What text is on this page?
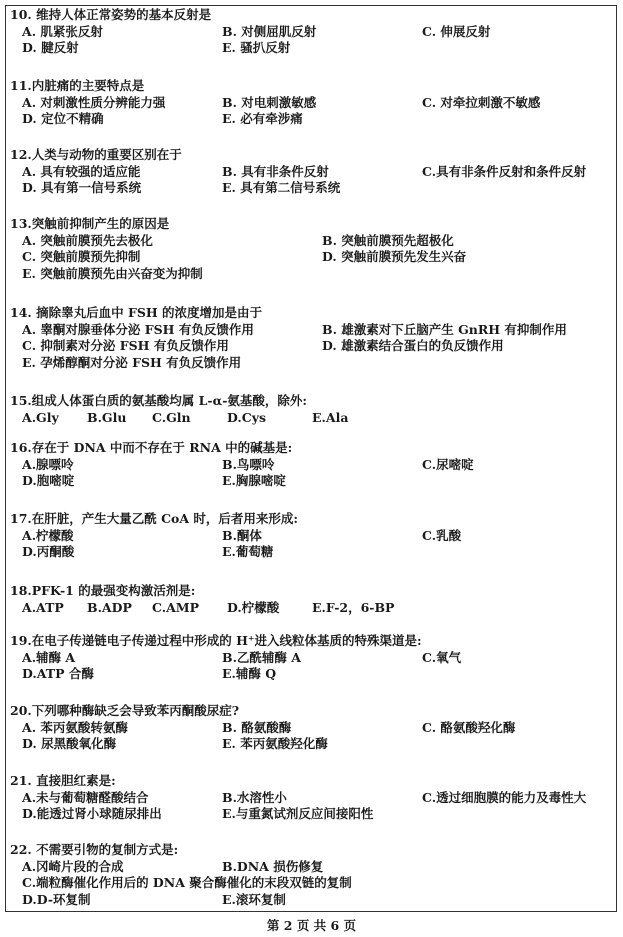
10. 维持人体正常姿势的基本反射是
A. 肌紧张反射	B. 对侧屈肌反射	C. 伸展反射
D. 腱反射	E. 骚扒反射
11.内脏痛的主要特点是
A. 对刺激性质分辨能力强	B. 对电刺激敏感	C. 对牵拉刺激不敏感
D. 定位不精确	E. 必有牵涉痛
12.人类与动物的重要区别在于
A. 具有较强的适应能	B. 具有非条件反射	C.具有非条件反射和条件反射
D. 具有第一信号系统	E. 具有第二信号系统
13.突触前抑制产生的原因是
A. 突触前膜预先去极化	B. 突触前膜预先超极化
C. 突触前膜预先抑制	D. 突触前膜预先发生兴奋
E. 突触前膜预先由兴奋变为抑制
14. 摘除睾丸后血中 FSH 的浓度增加是由于
A. 睾酮对腺垂体分泌 FSH 有负反馈作用	B. 雄激素对下丘脑产生 GnRH 有抑制作用
C. 抑制素对分泌 FSH 有负反馈作用	D. 雄激素结合蛋白的负反馈作用
E. 孕烯醇酮对分泌 FSH 有负反馈作用
15.组成人体蛋白质的氨基酸均属 L-α-氨基酸，除外:
A.Gly	B.Glu	C.Gln	D.Cys	E.Ala
16.存在于 DNA 中而不存在于 RNA 中的碱基是:
A.腺嘌呤	B.鸟嘌呤	C.尿嘧啶
D.胞嘧啶	E.胸腺嘧啶
17.在肝脏，产生大量乙酰 CoA 时，后者用来形成:
A.柠檬酸	B.酮体	C.乳酸
D.丙酮酸	E.葡萄糖
18.PFK-1 的最强变构激活剂是:
A.ATP	B.ADP	C.AMP	D.柠檬酸	E.F-2，6-BP
19.在电子传递链电子传递过程中形成的 H⁺进入线粒体基质的特殊渠道是:
A.辅酶 A	B.乙酰辅酶 A	C.氧气
D.ATP 合酶	E.辅酶 Q
20.下列哪种酶缺乏会导致苯丙酮酸尿症?
A. 苯丙氨酸转氨酶	B. 酪氨酸酶	C. 酪氨酸羟化酶
D. 尿黑酸氧化酶	E. 苯丙氨酸羟化酶
21. 直接胆红素是:
A.未与葡萄糖醛酸结合	B.水溶性小	C.透过细胞膜的能力及毒性大
D.能透过肾小球随尿排出	E.与重氮试剂反应间接阳性
22. 不需要引物的复制方式是:
A.冈崎片段的合成	B.DNA 损伤修复
C.端粒酶催化作用后的 DNA 聚合酶催化的末段双链的复制
D.D-环复制	E.滚环复制
第 2 页 共 6 页
